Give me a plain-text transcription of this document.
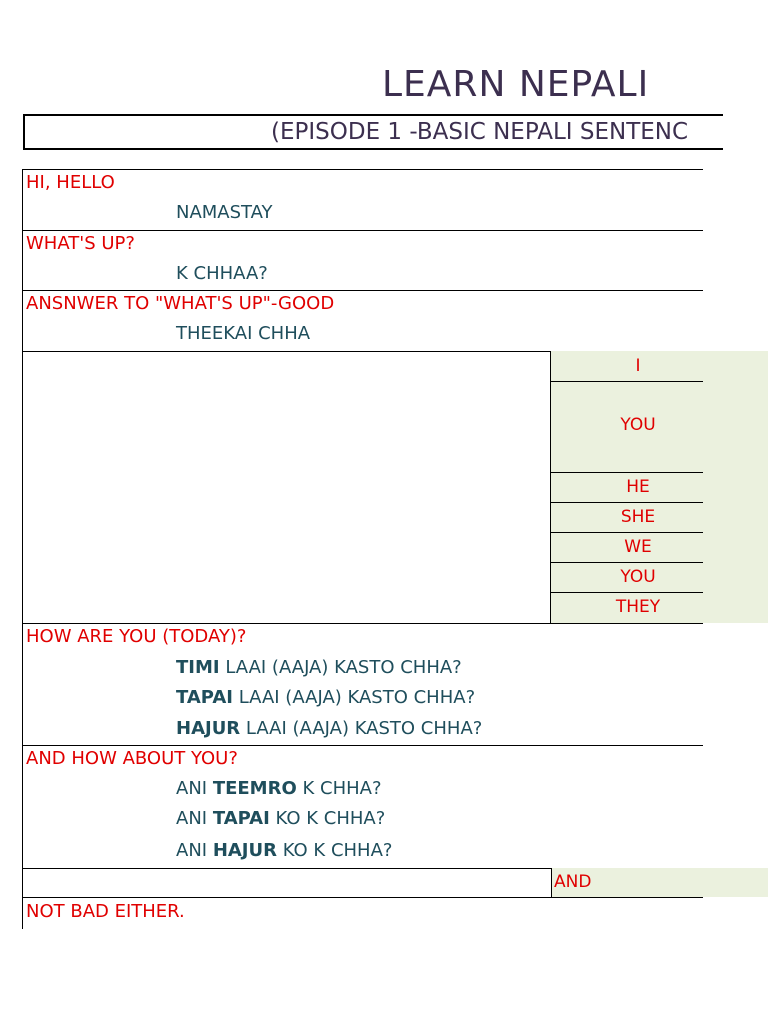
LEARN NEPALI
(EPISODE 1 -BASIC NEPALI SENTENC
HI, HELLO
NAMASTAY
WHAT'S UP?
K CHHAA?
ANSNWER TO "WHAT'S UP"-GOOD
THEEKAI CHHA
I
YOU
HE
SHE
WE
YOU
THEY
HOW ARE YOU (TODAY)?
TIMI LAAI (AAJA) KASTO CHHA?
TAPAI LAAI (AAJA) KASTO CHHA?
HAJUR LAAI (AAJA) KASTO CHHA?
AND HOW ABOUT YOU?
ANI TEEMRO K CHHA?
ANI TAPAI KO K CHHA?
ANI HAJUR KO K CHHA?
AND
NOT BAD EITHER.
